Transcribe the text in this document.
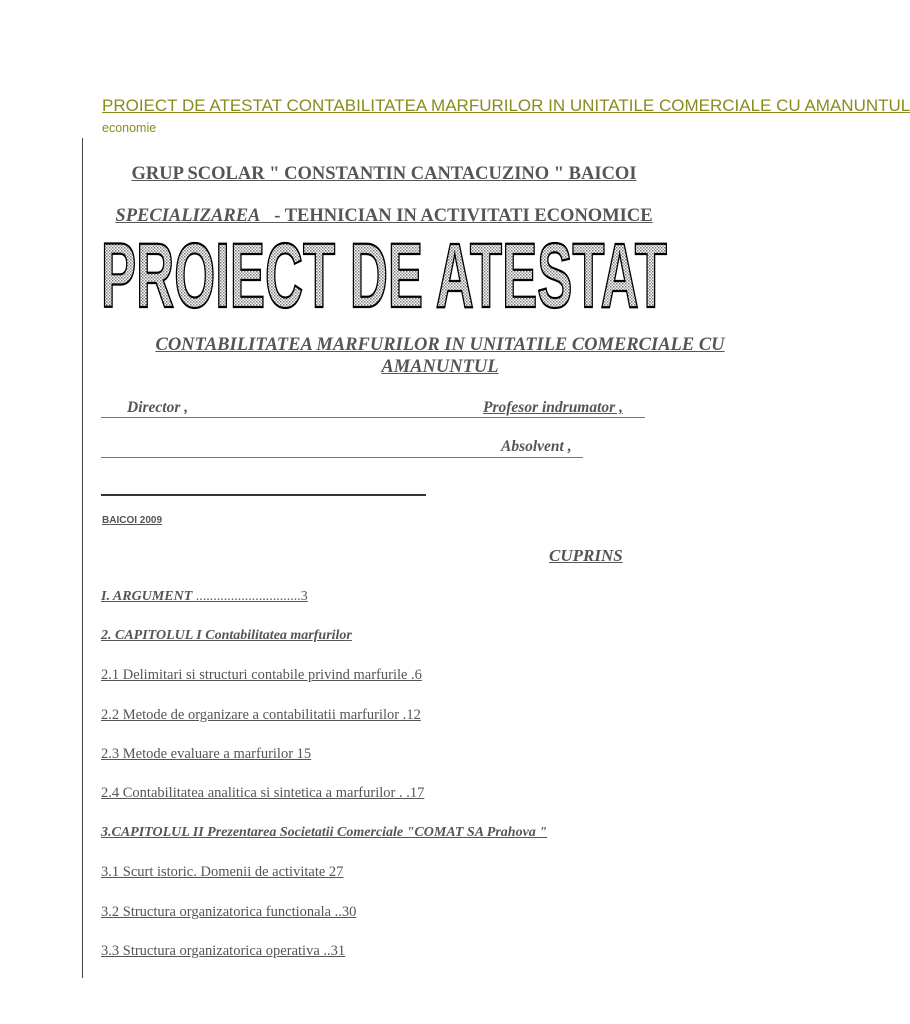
PROIECT DE ATESTAT CONTABILITATEA MARFURILOR IN UNITATILE COMERCIALE CU AMANUNTUL
economie
GRUP SCOLAR " CONSTANTIN CANTACUZINO " BAICOI
SPECIALIZAREA - TEHNICIAN IN ACTIVITATI ECONOMICE
PROIECT DE ATESTAT
CONTABILITATEA MARFURILOR IN UNITATILE COMERCIALE CU AMANUNTUL
Director ,	Profesor indrumator ,
Absolvent ,
BAICOI 2009
CUPRINS
I. ARGUMENT ..............................3
2. CAPITOLUL I Contabilitatea marfurilor
2.1 Delimitari si structuri contabile privind marfurile .6
2.2 Metode de organizare a contabilitatii marfurilor .12
2.3 Metode evaluare a marfurilor 15
2.4 Contabilitatea analitica si sintetica a marfurilor . .17
3.CAPITOLUL II Prezentarea Societatii Comerciale "COMAT SA Prahova "
3.1 Scurt istoric. Domenii de activitate 27
3.2 Structura organizatorica functionala ..30
3.3 Structura organizatorica operativa ..31
